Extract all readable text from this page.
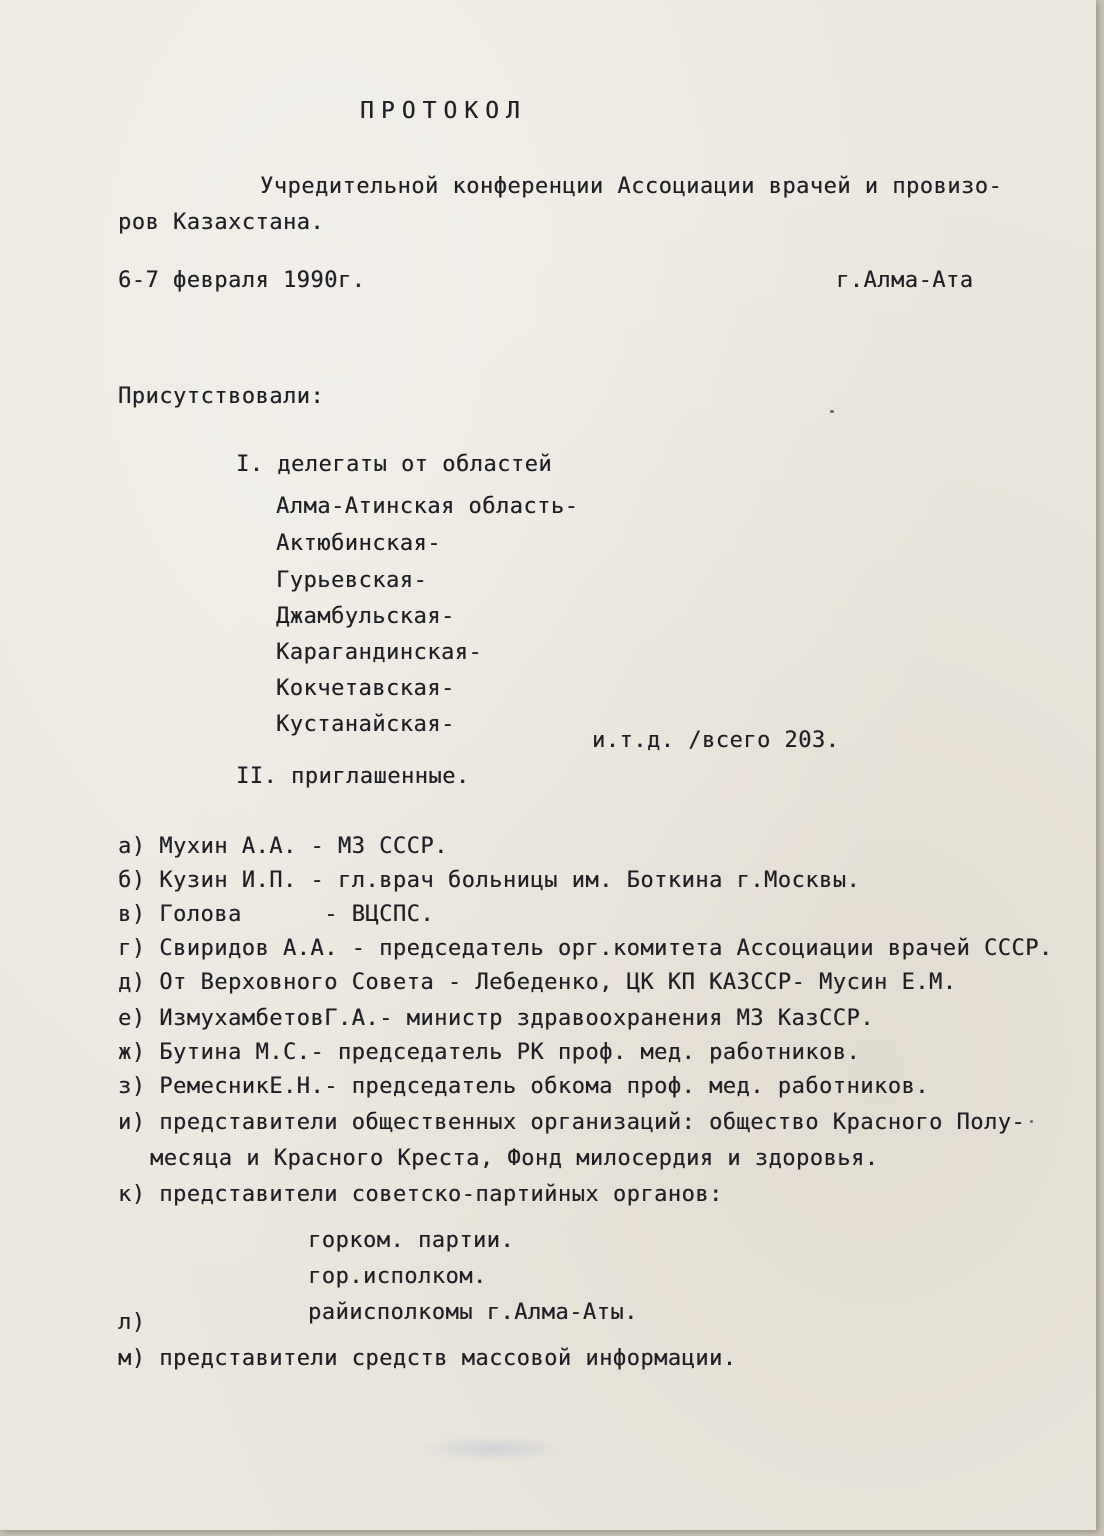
ПРОТОКОЛ
Учредительной конференции Ассоциации врачей и провизо-
ров Казахстана.
6-7 февраля 1990г.	г.Алма-Ата
Присутствовали:
I. делегаты от областей
Алма-Атинская область-
Актюбинская-
Гурьевская-
Джамбульская-
Карагандинская-
Кокчетавская-
Кустанайская-
и.т.д. /всего 203.
II. приглашенные.
а) Мухин А.А. - МЗ СССР.
б) Кузин И.П. - гл.врач больницы им. Боткина г.Москвы.
в) Голова      - ВЦСПС.
г) Свиридов А.А. - председатель орг.комитета Ассоциации врачей СССР.
д) От Верховного Совета - Лебеденко, ЦК КП КАЗССР- Мусин Е.М.
е) ИзмухамбетовГ.А.- министр здравоохранения МЗ КазССР.
ж) Бутина М.С.- председатель РК проф. мед. работников.
з) РемесникЕ.Н.- председатель обкома проф. мед. работников.
и) представители общественных организаций: общество Красного Полу-
месяца и Красного Креста, Фонд милосердия и здоровья.
к) представители советско-партийных органов:
горком. партии.
гор.исполком.
райисполкомы г.Алма-Аты.
л)
м) представители средств массовой информации.
